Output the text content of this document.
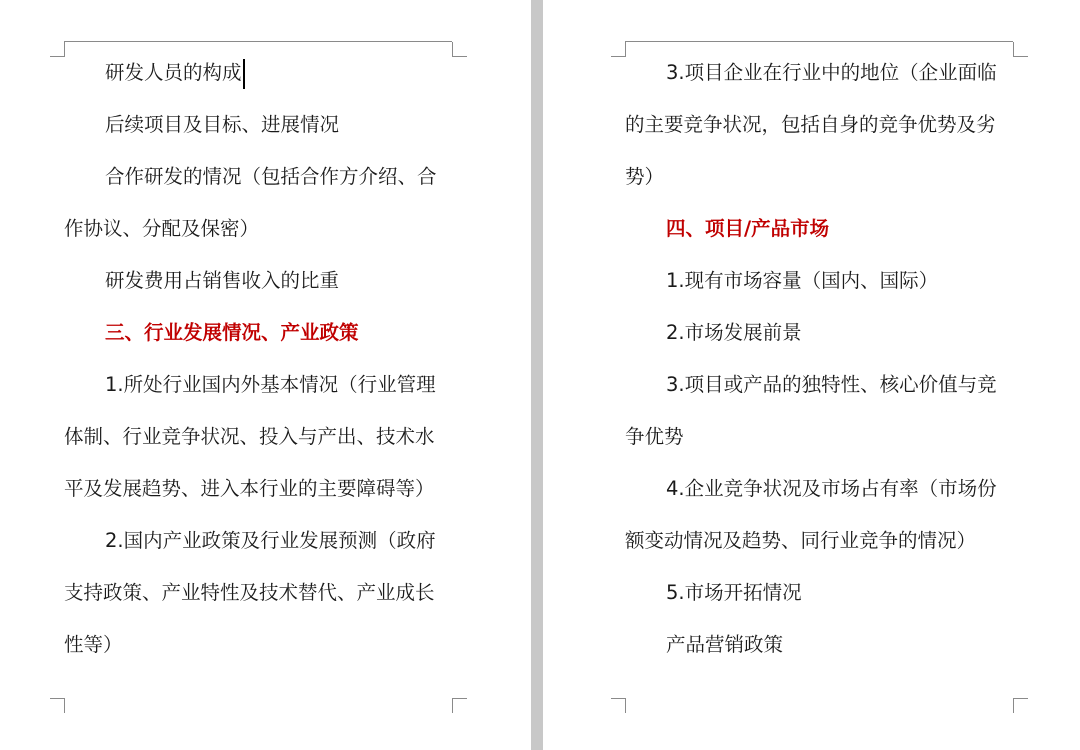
研发人员的构成

后续项目及目标、进展情况

合作研发的情况（包括合作方介绍、合

作协议、分配及保密）

研发费用占销售收入的比重

三、行业发展情况、产业政策

1.所处行业国内外基本情况（行业管理

体制、行业竞争状况、投入与产出、技术水

平及发展趋势、进入本行业的主要障碍等）

2.国内产业政策及行业发展预测（政府

支持政策、产业特性及技术替代、产业成长

性等）

3.项目企业在行业中的地位（企业面临

的主要竞争状况，包括自身的竞争优势及劣

势）

四、项目/产品市场

1.现有市场容量（国内、国际）

2.市场发展前景

3.项目或产品的独特性、核心价值与竞

争优势

4.企业竞争状况及市场占有率（市场份

额变动情况及趋势、同行业竞争的情况）

5.市场开拓情况

产品营销政策
